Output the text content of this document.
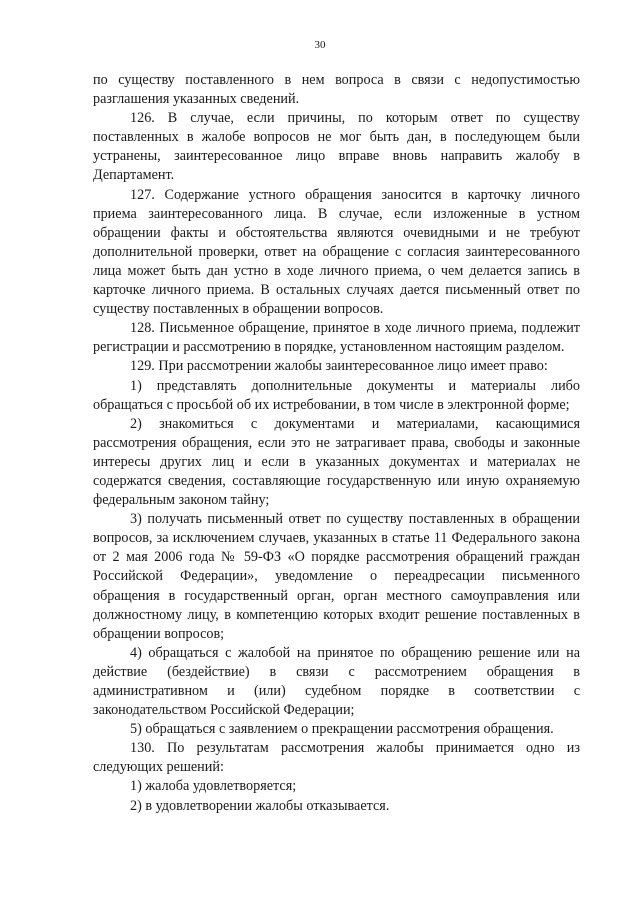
30

по существу поставленного в нем вопроса в связи с недопустимостью разглашения указанных сведений.

126. В случае, если причины, по которым ответ по существу поставленных в жалобе вопросов не мог быть дан, в последующем были устранены, заинтересованное лицо вправе вновь направить жалобу в Департамент.

127. Содержание устного обращения заносится в карточку личного приема заинтересованного лица. В случае, если изложенные в устном обращении факты и обстоятельства являются очевидными и не требуют дополнительной проверки, ответ на обращение с согласия заинтересованного лица может быть дан устно в ходе личного приема, о чем делается запись в карточке личного приема. В остальных случаях дается письменный ответ по существу поставленных в обращении вопросов.

128. Письменное обращение, принятое в ходе личного приема, подлежит регистрации и рассмотрению в порядке, установленном настоящим разделом.

129. При рассмотрении жалобы заинтересованное лицо имеет право:

1) представлять дополнительные документы и материалы либо обращаться с просьбой об их истребовании, в том числе в электронной форме;

2) знакомиться с документами и материалами, касающимися рассмотрения обращения, если это не затрагивает права, свободы и законные интересы других лиц и если в указанных документах и материалах не содержатся сведения, составляющие государственную или иную охраняемую федеральным законом тайну;

3) получать письменный ответ по существу поставленных в обращении вопросов, за исключением случаев, указанных в статье 11 Федерального закона от 2 мая 2006 года № 59-ФЗ «О порядке рассмотрения обращений граждан Российской Федерации», уведомление о переадресации письменного обращения в государственный орган, орган местного самоуправления или должностному лицу, в компетенцию которых входит решение поставленных в обращении вопросов;

4) обращаться с жалобой на принятое по обращению решение или на действие (бездействие) в связи с рассмотрением обращения в административном и (или) судебном порядке в соответствии с законодательством Российской Федерации;

5) обращаться с заявлением о прекращении рассмотрения обращения.

130. По результатам рассмотрения жалобы принимается одно из следующих решений:

1) жалоба удовлетворяется;

2) в удовлетворении жалобы отказывается.
